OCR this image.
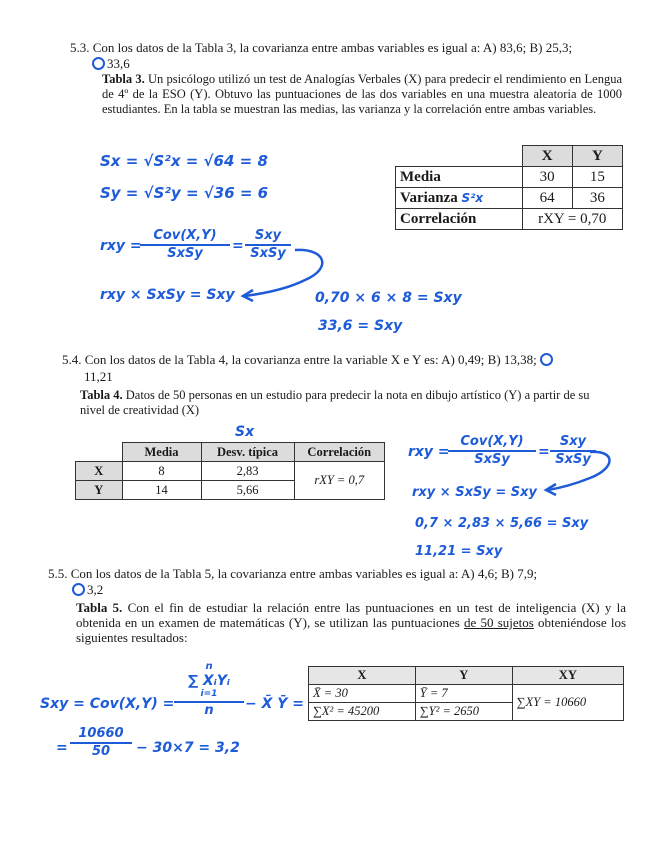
5.3. Con los datos de la Tabla 3, la covarianza entre ambas variables es igual a: A) 83,6; B) 25,3;
33,6
Tabla 3. Un psicólogo utilizó un test de Analogías Verbales (X) para predecir el rendimiento en Lengua de 4º de la ESO (Y). Obtuvo las puntuaciones de las dos variables en una muestra aleatoria de 1000 estudiantes. En la tabla se muestran las medias, las varianza y la correlación entre ambas variables.
	X	Y
Media	30	15
Varianza S²x	64	36
Correlación	rXY = 0,70	
Sx = √S²x = √64 = 8
Sy = √S²y = √36 = 6
rxy =
Cov(X,Y)
SxSy	=
Sxy
SxSy
rxy × SxSy = Sxy	0,70 × 6 × 8 = Sxy
33,6 = Sxy
5.4. Con los datos de la Tabla 4, la covarianza entre la variable X e Y es: A) 0,49; B) 13,38;
11,21
Tabla 4. Datos de 50 personas en un estudio para predecir la nota en dibujo artístico (Y) a partir de su nivel de creatividad (X)
Sx
	Media	Desv. típica	Correlación
X	8	2,83	rXY = 0,7
Y	14	5,66	
rxy =
Cov(X,Y)
SxSy	=
Sxy
SxSy
rxy × SxSy = Sxy
0,7 × 2,83 × 5,66 = Sxy
11,21 = Sxy
5.5. Con los datos de la Tabla 5, la covarianza entre ambas variables es igual a: A) 4,6; B) 7,9;
3,2
Tabla 5. Con el fin de estudiar la relación entre las puntuaciones en un test de inteligencia (X) y la obtenida en un examen de matemáticas (Y), se utilizan las puntuaciones de 50 sujetos obteniéndose los siguientes resultados:
X	Y	XY
X̄ = 30	Ȳ = 7	∑XY = 10660
∑X² = 45200	∑Y² = 2650	
Sxy = Cov(X,Y) =
n
∑ XᵢYᵢ
i=1
n	− X̄ Ȳ =
=
10660
50	− 30×7 = 3,2
